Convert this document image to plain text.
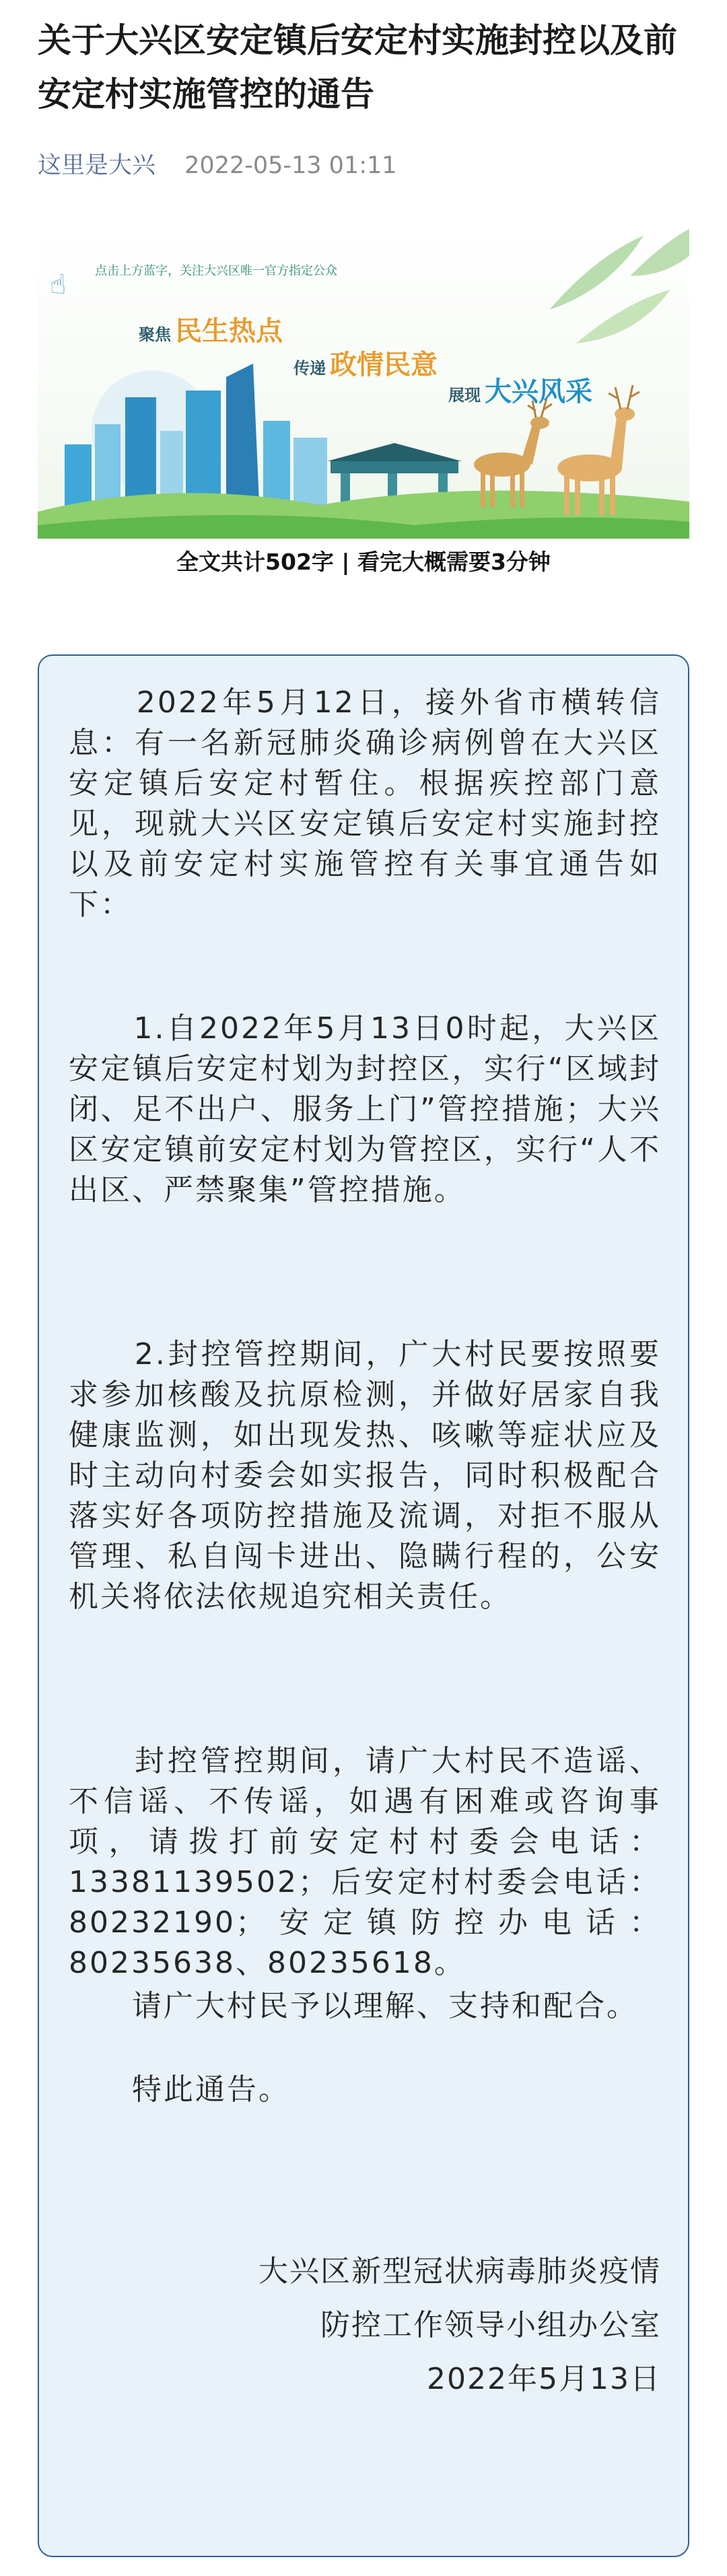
关于大兴区安定镇后安定村实施封控以及前安定村实施管控的通告
这里是大兴 2022-05-13 01:11
☝ 点击上方蓝字，关注大兴区唯一官方指定公众
聚焦 民生热点
传递 政情民意
展现 大兴风采
全文共计502字 | 看完大概需要3分钟

　　2022年5月12日，接外省市横转信息：有一名新冠肺炎确诊病例曾在大兴区安定镇后安定村暂住。根据疾控部门意见，现就大兴区安定镇后安定村实施封控以及前安定村实施管控有关事宜通告如下：

　　1.自2022年5月13日0时起，大兴区安定镇后安定村划为封控区，实行“区域封闭、足不出户、服务上门”管控措施；大兴区安定镇前安定村划为管控区，实行“人不出区、严禁聚集”管控措施。

　　2.封控管控期间，广大村民要按照要求参加核酸及抗原检测，并做好居家自我健康监测，如出现发热、咳嗽等症状应及时主动向村委会如实报告，同时积极配合落实好各项防控措施及流调，对拒不服从管理、私自闯卡进出、隐瞒行程的，公安机关将依法依规追究相关责任。

　　封控管控期间，请广大村民不造谣、不信谣、不传谣，如遇有困难或咨询事项，请拨打前安定村村委会电话：13381139502；后安定村村委会电话：80232190；安定镇防控办电话：80235638、80235618。

　　请广大村民予以理解、支持和配合。

　　特此通告。

大兴区新型冠状病毒肺炎疫情
防控工作领导小组办公室
2022年5月13日
